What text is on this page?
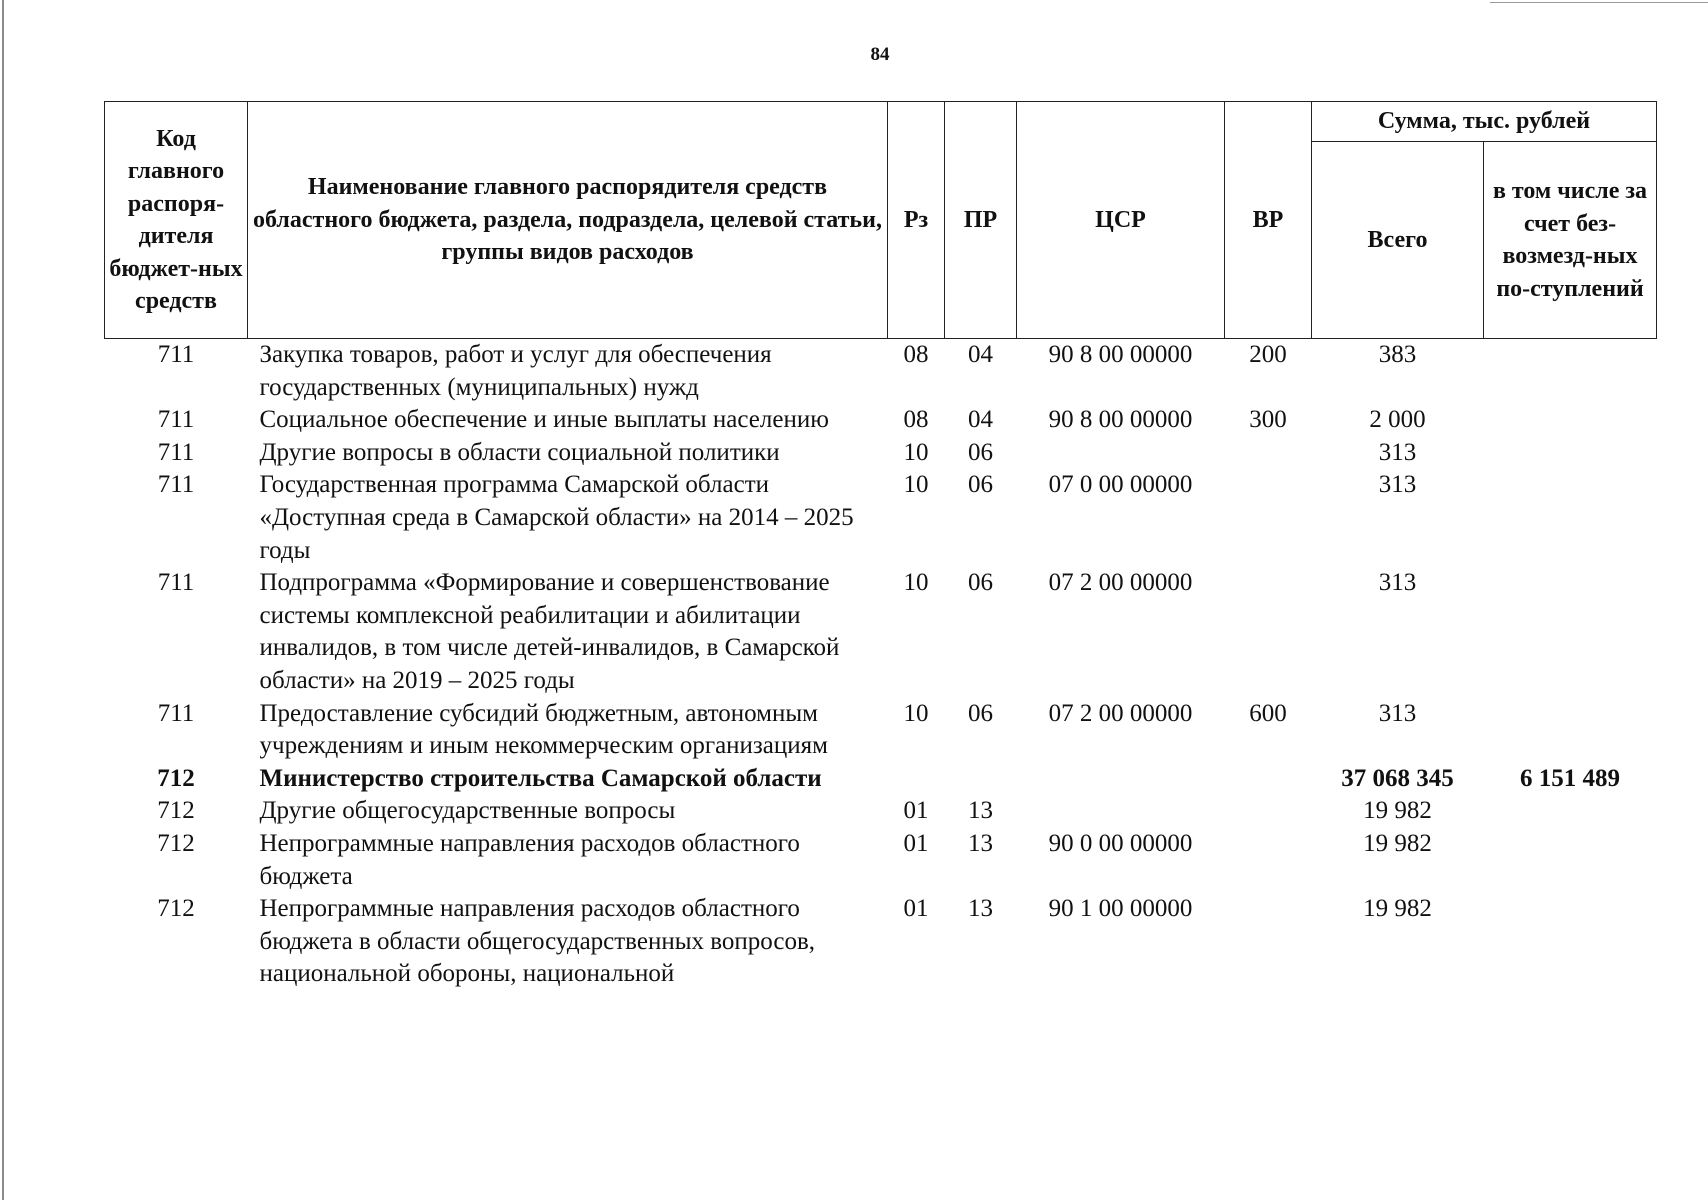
84
Код главного распоря-дителя бюджет-ных средств	Наименование главного распорядителя средств областного бюджета, раздела, подраздела, целевой статьи, группы видов расходов	Рз	ПР	ЦСР	ВР	Сумма, тыс. рублей	
						Всего	в том числе за счет без-возмезд-ных по-ступлений
711	Закупка товаров, работ и услуг для обеспечения государственных (муниципальных) нужд	08	04	90 8 00 00000	200	383	
711	Социальное обеспечение и иные выплаты населению	08	04	90 8 00 00000	300	2 000	
711	Другие вопросы в области социальной политики	10	06			313	
711	Государственная программа Самарской области «Доступная среда в Самарской области» на 2014 – 2025 годы	10	06	07 0 00 00000		313	
711	Подпрограмма «Формирование и совершенствование системы комплексной реабилитации и абилитации инвалидов, в том числе детей-инвалидов, в Самарской области» на 2019 – 2025 годы	10	06	07 2 00 00000		313	
711	Предоставление субсидий бюджетным, автономным учреждениям и иным некоммерческим организациям	10	06	07 2 00 00000	600	313	
712	Министерство строительства Самарской области					37 068 345	6 151 489
712	Другие общегосударственные вопросы	01	13			19 982	
712	Непрограммные направления расходов областного бюджета	01	13	90 0 00 00000		19 982	
712	Непрограммные направления расходов областного бюджета в области общегосударственных вопросов, национальной обороны, национальной	01	13	90 1 00 00000		19 982	
